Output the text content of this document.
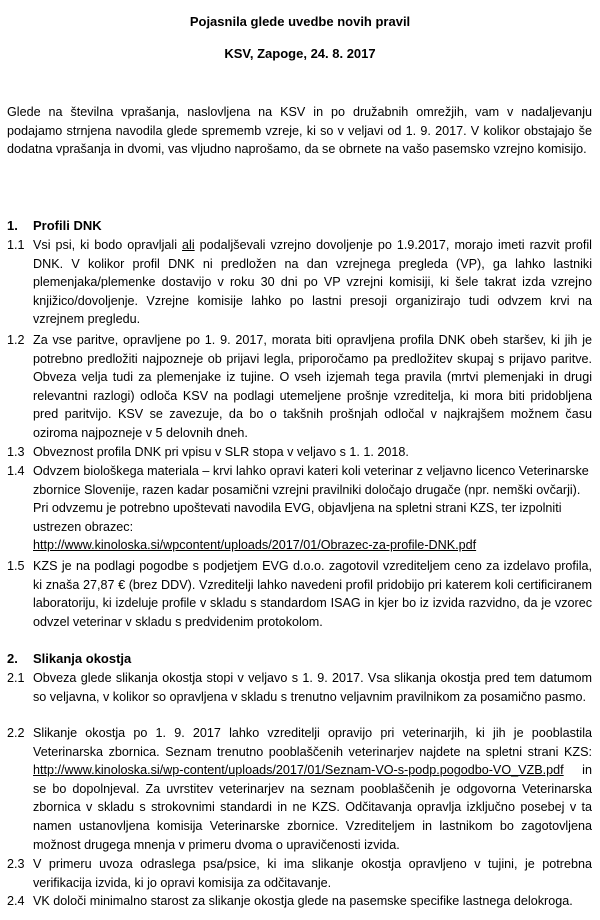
Pojasnila glede uvedbe novih pravil
KSV, Zapoge, 24. 8. 2017

Glede na številna vprašanja, naslovljena na KSV in po družabnih omrežjih, vam v nadaljevanju podajamo strnjena navodila glede sprememb vzreje, ki so v veljavi od 1. 9. 2017. V kolikor obstajajo še dodatna vprašanja in dvomi, vas vljudno naprošamo, da se obrnete na vašo pasemsko vzrejno komisijo.

1. Profili DNK
1.1 Vsi psi, ki bodo opravljali ali podaljševali vzrejno dovoljenje po 1.9.2017, morajo imeti razvit profil DNK. V kolikor profil DNK ni predložen na dan vzrejnega pregleda (VP), ga lahko lastniki plemenjaka/plemenke dostavijo v roku 30 dni po VP vzrejni komisiji, ki šele takrat izda vzrejno knjižico/dovoljenje. Vzrejne komisije lahko po lastni presoji organizirajo tudi odvzem krvi na vzrejnem pregledu.
1.2 Za vse paritve, opravljene po 1. 9. 2017, morata biti opravljena profila DNK obeh staršev, ki jih je potrebno predložiti najpozneje ob prijavi legla, priporočamo pa predložitev skupaj s prijavo paritve. Obveza velja tudi za plemenjake iz tujine. O vseh izjemah tega pravila (mrtvi plemenjaki in drugi relevantni razlogi) odloča KSV na podlagi utemeljene prošnje vzreditelja, ki mora biti pridobljena pred paritvijo. KSV se zavezuje, da bo o takšnih prošnjah odločal v najkrajšem možnem času oziroma najpozneje v 5 delovnih dneh.
1.3 Obveznost profila DNK pri vpisu v SLR stopa v veljavo s 1. 1. 2018.
1.4 Odvzem biološkega materiala – krvi lahko opravi kateri koli veterinar z veljavno licenco Veterinarske zbornice Slovenije, razen kadar posamični vzrejni pravilniki določajo drugače (npr. nemški ovčarji). Pri odvzemu je potrebno upoštevati navodila EVG, objavljena na spletni strani KZS, ter izpolniti ustrezen obrazec:
http://www.kinoloska.si/wpcontent/uploads/2017/01/Obrazec-za-profile-DNK.pdf
1.5 KZS je na podlagi pogodbe s podjetjem EVG d.o.o. zagotovil vzrediteljem ceno za izdelavo profila, ki znaša 27,87 € (brez DDV). Vzreditelji lahko navedeni profil pridobijo pri katerem koli certificiranem laboratoriju, ki izdeluje profile v skladu s standardom ISAG in kjer bo iz izvida razvidno, da je vzorec odvzel veterinar v skladu s predvidenim protokolom.
2. Slikanja okostja
2.1 Obveza glede slikanja okostja stopi v veljavo s 1. 9. 2017. Vsa slikanja okostja pred tem datumom so veljavna, v kolikor so opravljena v skladu s trenutno veljavnim pravilnikom za posamično pasmo.
2.2 Slikanje okostja po 1. 9. 2017 lahko vzreditelji opravijo pri veterinarjih, ki jih je pooblastila Veterinarska zbornica. Seznam trenutno pooblaščenih veterinarjev najdete na spletni strani KZS: http://www.kinoloska.si/wp-content/uploads/2017/01/Seznam-VO-s-podp.pogodbo-VO_VZB.pdf in se bo dopolnjeval. Za uvrstitev veterinarjev na seznam pooblaščenih je odgovorna Veterinarska zbornica v skladu s strokovnimi standardi in ne KZS. Odčitavanja opravlja izključno posebej v ta namen ustanovljena komisija Veterinarske zbornice. Vzrediteljem in lastnikom bo zagotovljena možnost drugega mnenja v primeru dvoma o upravičenosti izvida.
2.3 V primeru uvoza odraslega psa/psice, ki ima slikanje okostja opravljeno v tujini, je potrebna verifikacija izvida, ki jo opravi komisija za odčitavanje.
2.4 VK določi minimalno starost za slikanje okostja glede na pasemske specifike lastnega delokroga.
